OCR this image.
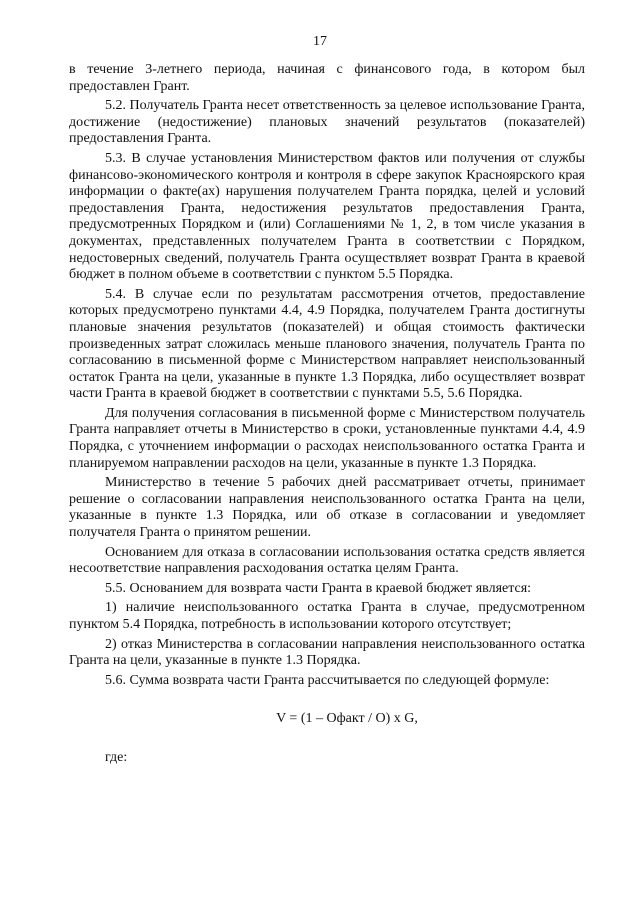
17

в течение 3-летнего периода, начиная с финансового года, в котором был предоставлен Грант.

5.2. Получатель Гранта несет ответственность за целевое использование Гранта, достижение (недостижение) плановых значений результатов (показателей) предоставления Гранта.

5.3. В случае установления Министерством фактов или получения от службы финансово-экономического контроля и контроля в сфере закупок Красноярского края информации о факте(ах) нарушения получателем Гранта порядка, целей и условий предоставления Гранта, недостижения результатов предоставления Гранта, предусмотренных Порядком и (или) Соглашениями № 1, 2, в том числе указания в документах, представленных получателем Гранта в соответствии с Порядком, недостоверных сведений, получатель Гранта осуществляет возврат Гранта в краевой бюджет в полном объеме в соответствии с пунктом 5.5 Порядка.

5.4. В случае если по результатам рассмотрения отчетов, предоставление которых предусмотрено пунктами 4.4, 4.9 Порядка, получателем Гранта достигнуты плановые значения результатов (показателей) и общая стоимость фактически произведенных затрат сложилась меньше планового значения, получатель Гранта по согласованию в письменной форме с Министерством направляет неиспользованный остаток Гранта на цели, указанные в пункте 1.3 Порядка, либо осуществляет возврат части Гранта в краевой бюджет в соответствии с пунктами 5.5, 5.6 Порядка.

Для получения согласования в письменной форме с Министерством получатель Гранта направляет отчеты в Министерство в сроки, установленные пунктами 4.4, 4.9 Порядка, с уточнением информации о расходах неиспользованного остатка Гранта и планируемом направлении расходов на цели, указанные в пункте 1.3 Порядка.

Министерство в течение 5 рабочих дней рассматривает отчеты, принимает решение о согласовании направления неиспользованного остатка Гранта на цели, указанные в пункте 1.3 Порядка, или об отказе в согласовании и уведомляет получателя Гранта о принятом решении.

Основанием для отказа в согласовании использования остатка средств является несоответствие направления расходования остатка целям Гранта.

5.5. Основанием для возврата части Гранта в краевой бюджет является:

1) наличие неиспользованного остатка Гранта в случае, предусмотренном пунктом 5.4 Порядка, потребность в использовании которого отсутствует;

2) отказ Министерства в согласовании направления неиспользованного остатка Гранта на цели, указанные в пункте 1.3 Порядка.

5.6. Сумма возврата части Гранта рассчитывается по следующей формуле:

V = (1 – Офакт / О) x G,

где:
